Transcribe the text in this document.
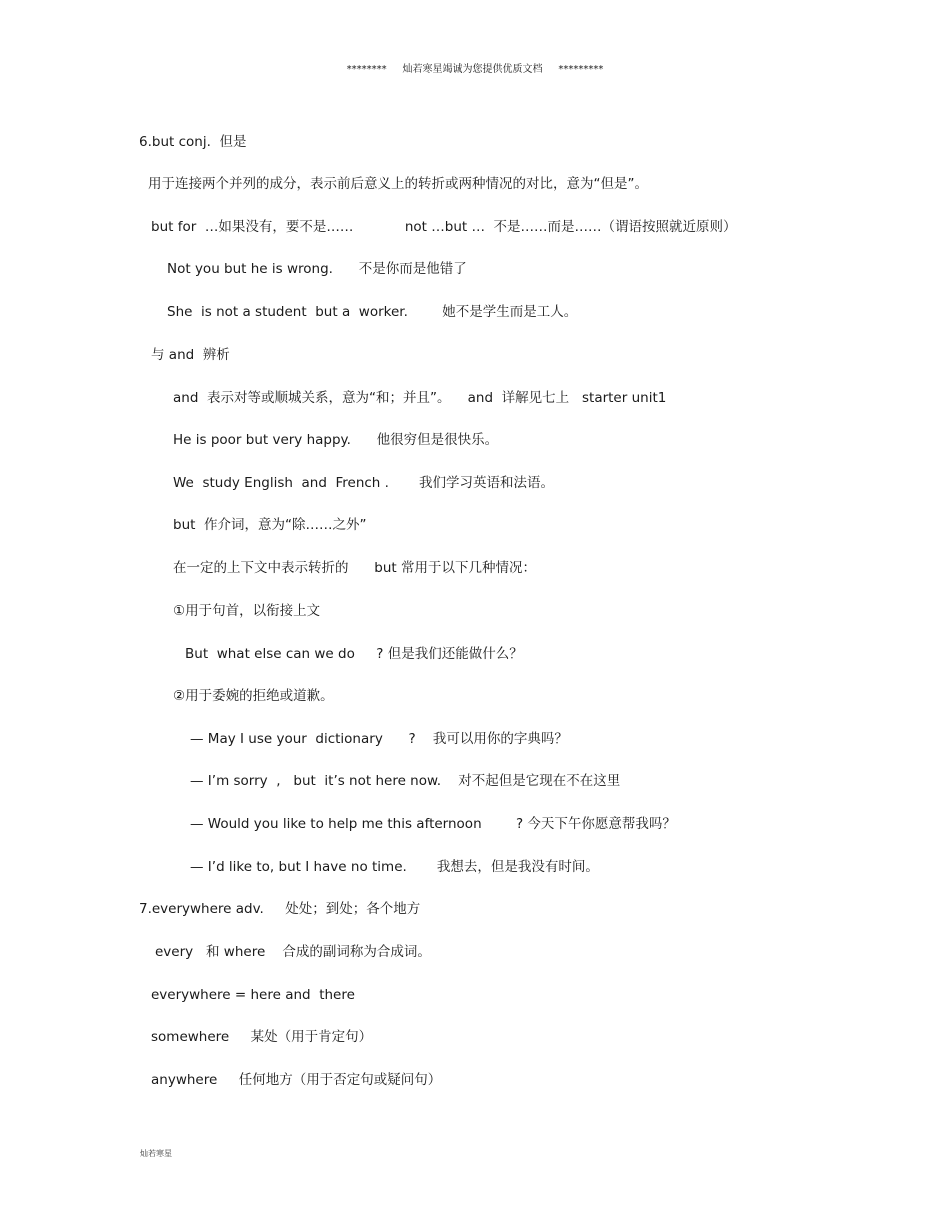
********     灿若寒星竭诚为您提供优质文档     *********
6.but conj.  但是
用于连接两个并列的成分，表示前后意义上的转折或两种情况的对比，意为“但是”。
but for  …如果没有，要不是……            not …but …  不是……而是……（谓语按照就近原则）
Not you but he is wrong.      不是你而是他错了
She  is not a student  but a  worker.        她不是学生而是工人。
与 and  辨析
and  表示对等或顺城关系，意为“和；并且”。    and  详解见七上   starter unit1
He is poor but very happy.      他很穷但是很快乐。
We  study English  and  French .       我们学习英语和法语。
but  作介词，意为“除……之外”
在一定的上下文中表示转折的      but 常用于以下几种情况：
①用于句首，以衔接上文
But  what else can we do     ? 但是我们还能做什么？
②用于委婉的拒绝或道歉。
— May I use your  dictionary      ?    我可以用你的字典吗？
— I’m sorry  ,   but  it’s not here now.    对不起但是它现在不在这里
— Would you like to help me this afternoon        ? 今天下午你愿意帮我吗？
— I’d like to, but I have no time.       我想去，但是我没有时间。
7.everywhere adv.     处处；到处；各个地方
every   和 where    合成的副词称为合成词。
everywhere = here and  there
somewhere     某处（用于肯定句）
anywhere     任何地方（用于否定句或疑问句）
灿若寒星
